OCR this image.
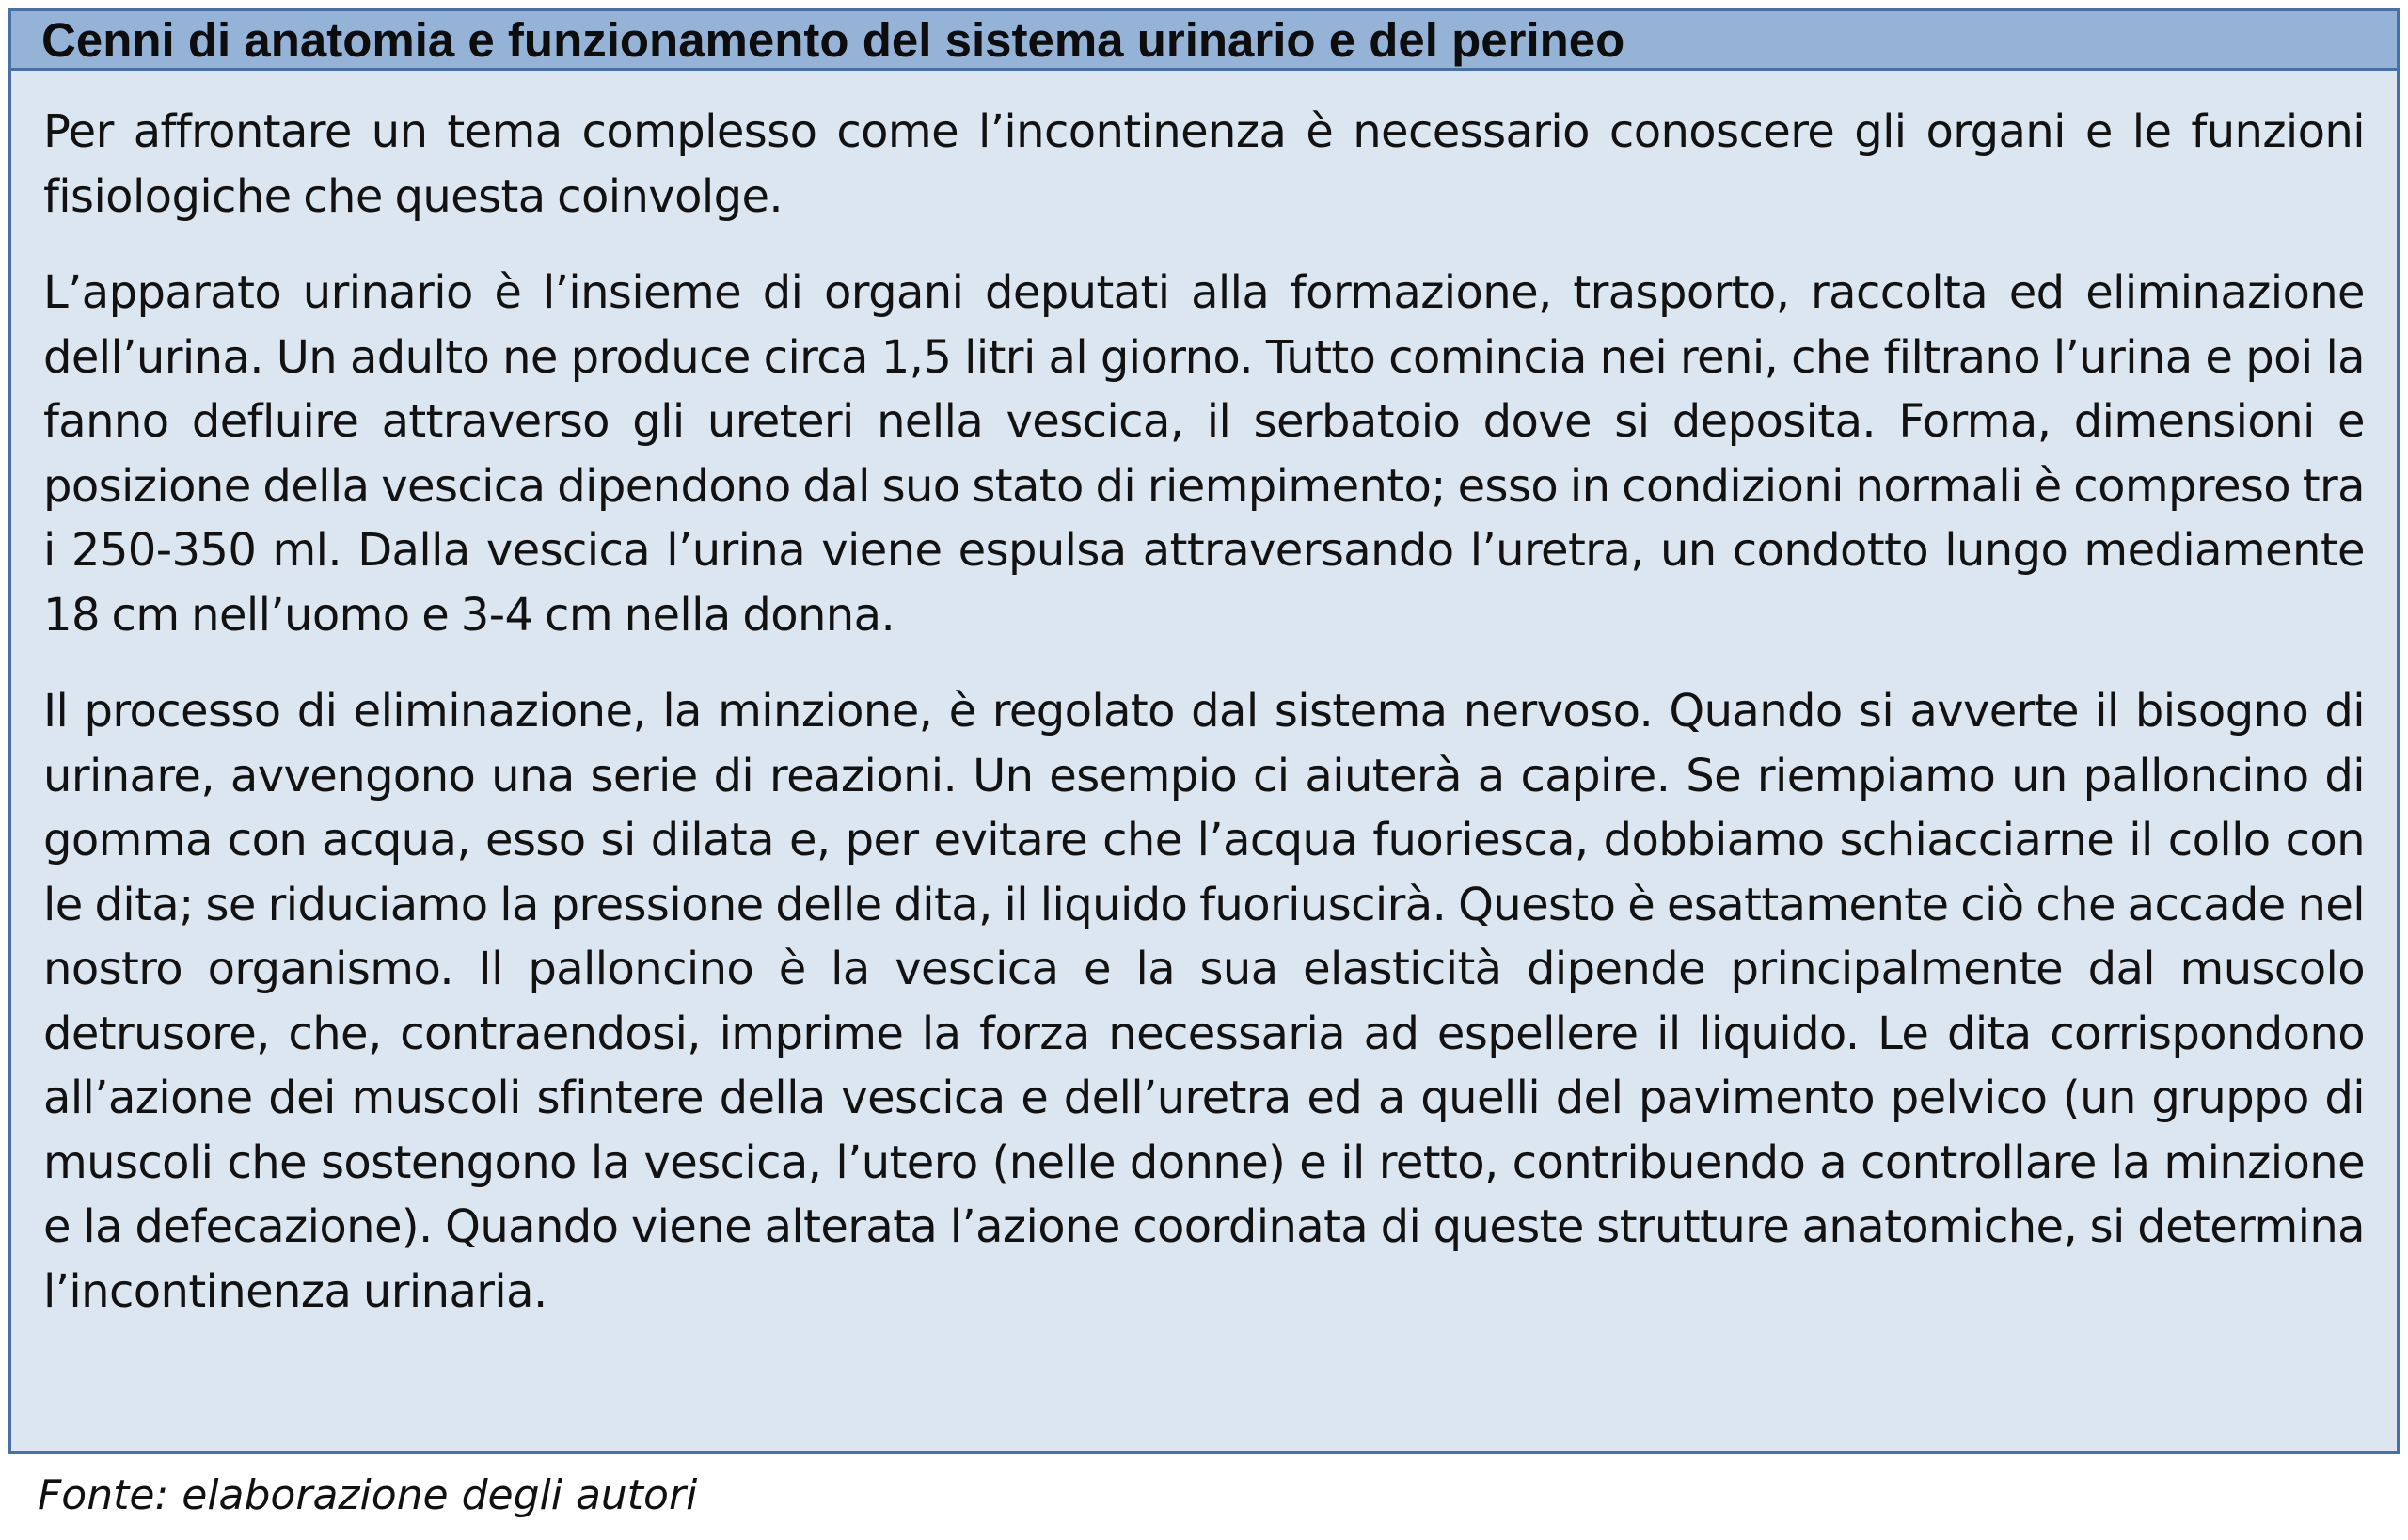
Cenni di anatomia e funzionamento del sistema urinario e del perineo

Per affrontare un tema complesso come l’incontinenza è necessario conoscere gli organi e le funzioni fisiologiche che questa coinvolge.

L’apparato urinario è l’insieme di organi deputati alla formazione, trasporto, raccolta ed eliminazione dell’urina. Un adulto ne produce circa 1,5 litri al giorno. Tutto comincia nei reni, che filtrano l’urina e poi la fanno defluire attraverso gli ureteri nella vescica, il serbatoio dove si deposita. Forma, dimensioni e posizione della vescica dipendono dal suo stato di riempimento; esso in condizioni normali è compreso tra i 250-350 ml. Dalla vescica l’urina viene espulsa attraversando l’uretra, un condotto lungo mediamente 18 cm nell’uomo e 3-4 cm nella donna.

Il processo di eliminazione, la minzione, è regolato dal sistema nervoso. Quando si avverte il bisogno di urinare, avvengono una serie di reazioni. Un esempio ci aiuterà a capire. Se riempiamo un palloncino di gomma con acqua, esso si dilata e, per evitare che l’acqua fuoriesca, dobbiamo schiacciarne il collo con le dita; se riduciamo la pressione delle dita, il liquido fuoriuscirà. Questo è esattamente ciò che accade nel nostro organismo. Il palloncino è la vescica e la sua elasticità dipende principalmente dal muscolo detrusore, che, contraendosi, imprime la forza necessaria ad espellere il liquido. Le dita corrispondono all’azione dei muscoli sfintere della vescica e dell’uretra ed a quelli del pavimento pelvico (un gruppo di muscoli che sostengono la vescica, l’utero (nelle donne) e il retto, contribuendo a controllare la minzione e la defecazione). Quando viene alterata l’azione coordinata di queste strutture anatomiche, si determina l’incontinenza urinaria.

Fonte: elaborazione degli autori
